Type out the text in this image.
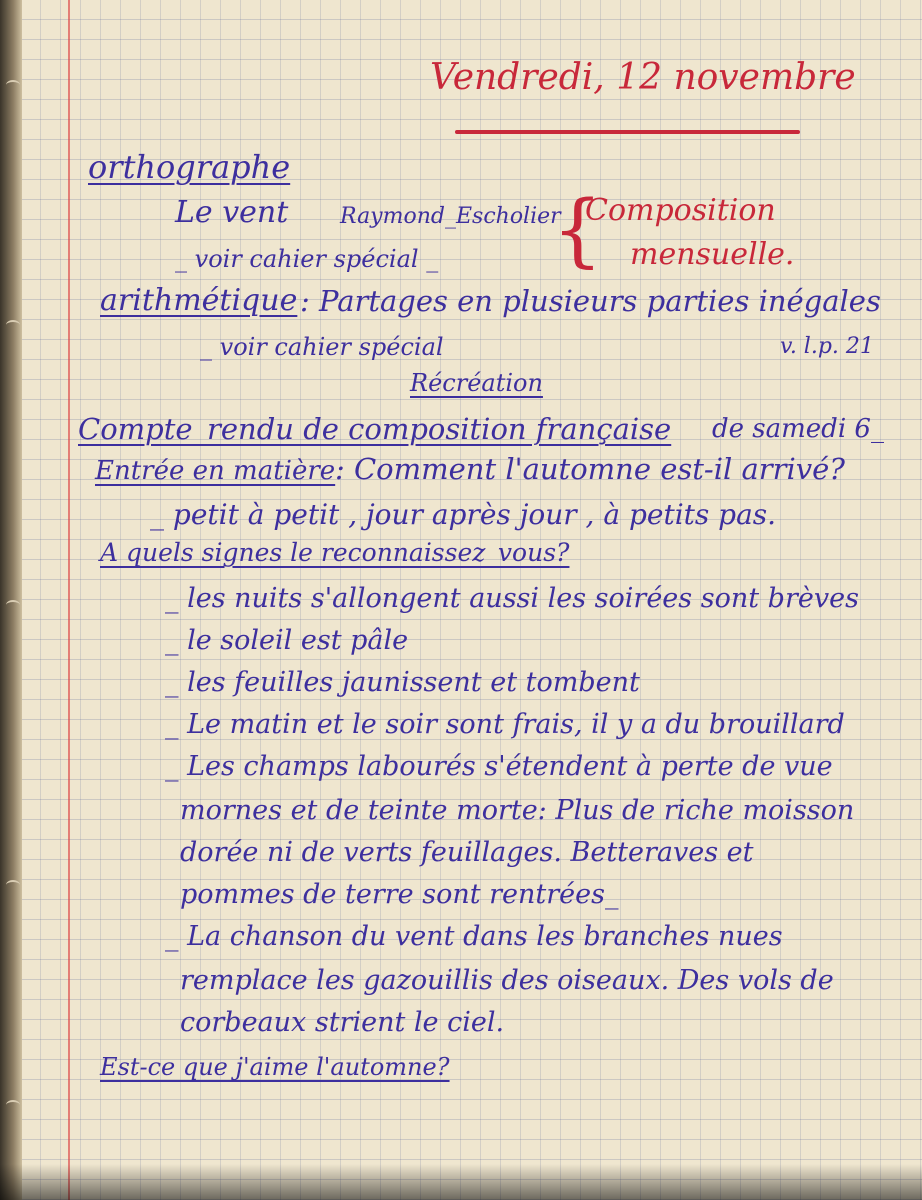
Vendredi, 12 novembre
orthographe
Le vent Raymond_Escholier
_ voir cahier spécial _ {
Composition
mensuelle.
arithmétique : Partages en plusieurs parties inégales
_ voir cahier spécial	v. l.p. 21
Récréation
Compte_rendu de composition française de samedi 6_
Entrée en matière : Comment l'automne est-il arrivé?
_ petit à petit , jour après jour , à petits pas.
A quels signes le reconnaissez_vous?
_ les nuits s'allongent aussi les soirées sont brèves
_ le soleil est pâle
_ les feuilles jaunissent et tombent
_ Le matin et le soir sont frais, il y a du brouillard
_ Les champs labourés s'étendent à perte de vue
mornes et de teinte morte: Plus de riche moisson
dorée ni de verts feuillages. Betteraves et
pommes de terre sont rentrées_
_ La chanson du vent dans les branches nues
remplace les gazouillis des oiseaux. Des vols de
corbeaux strient le ciel.
Est-ce que j'aime l'automne?
